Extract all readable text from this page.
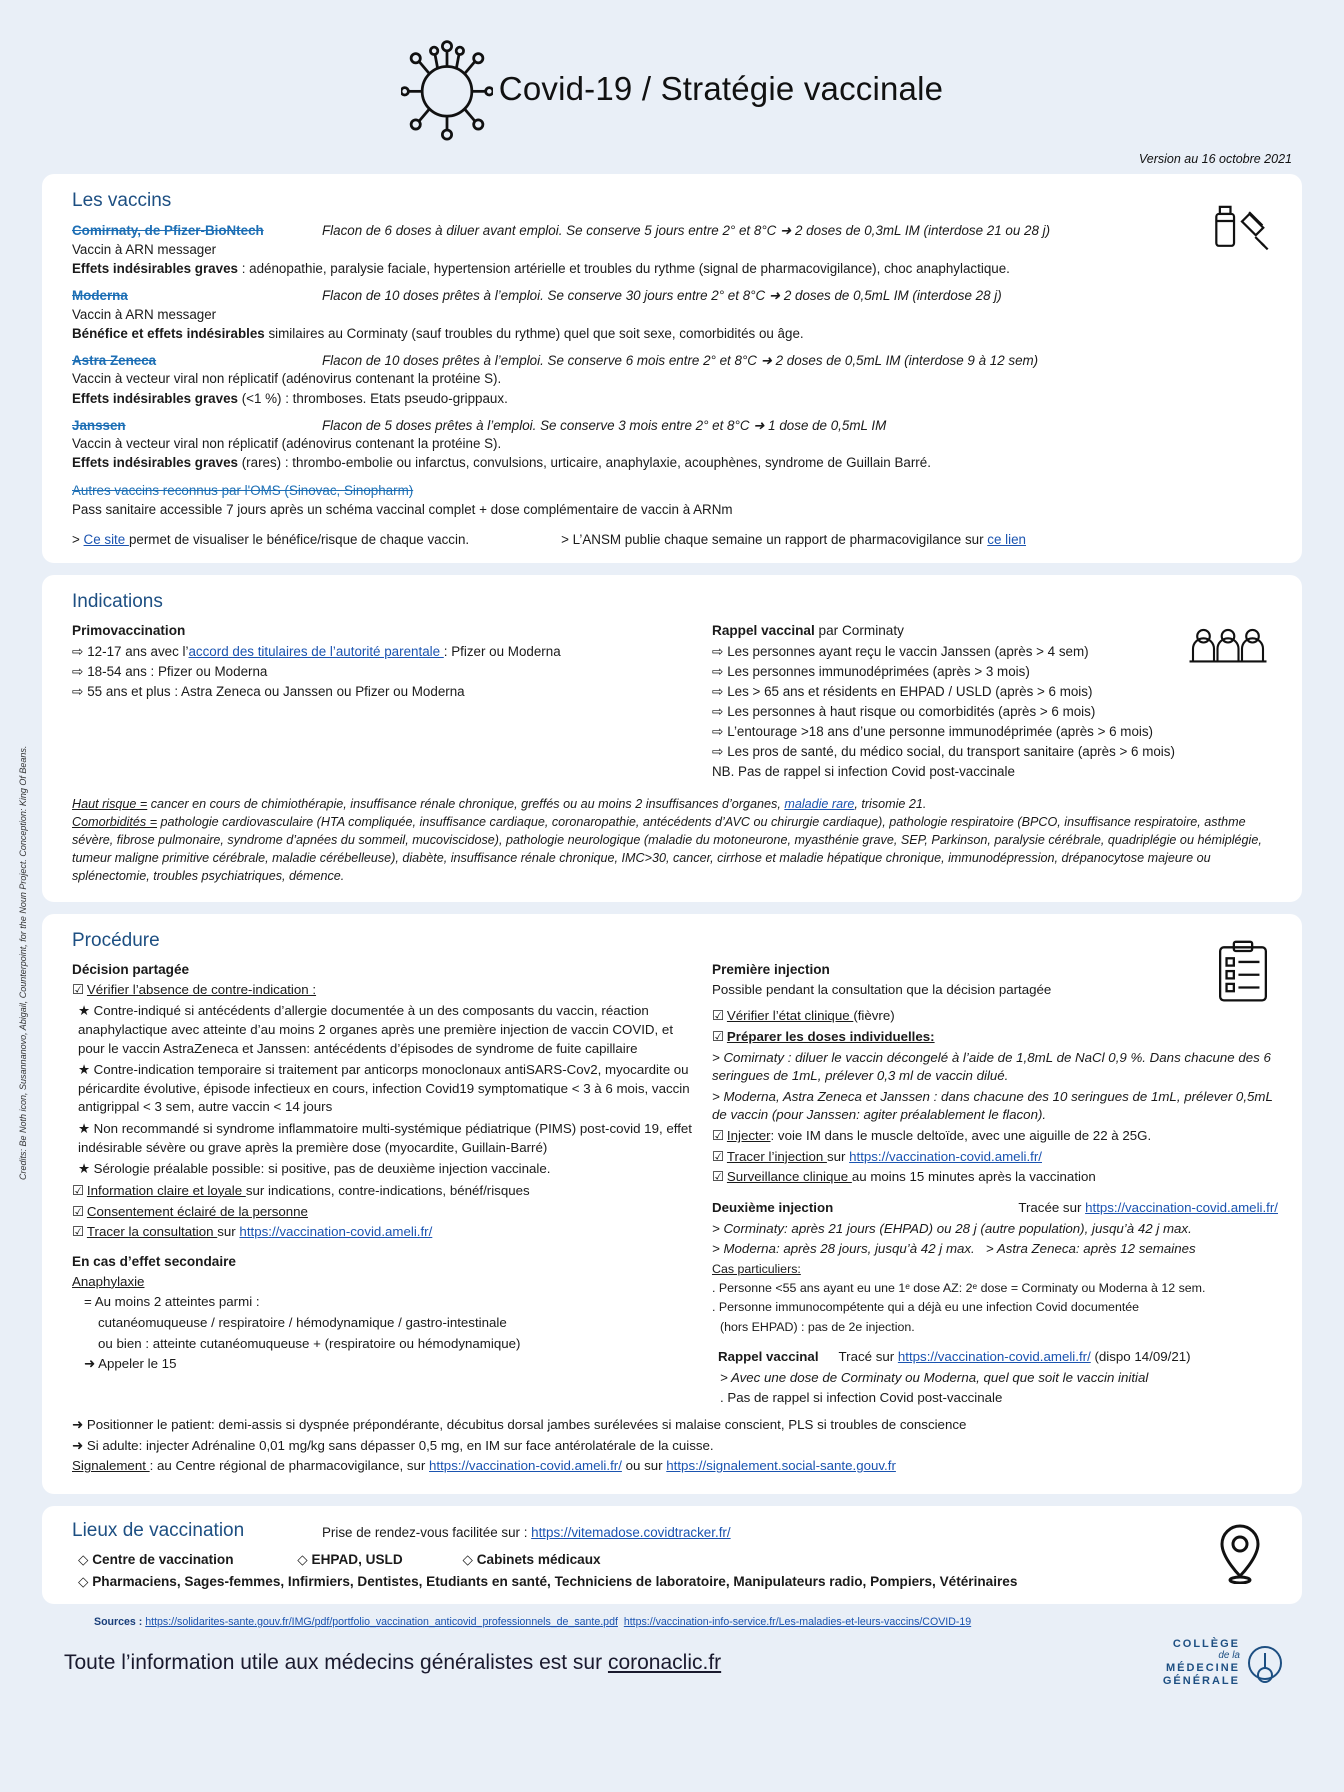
Covid-19 / Stratégie vaccinale
Version au 16 octobre 2021
Les vaccins
Comirnaty, de Pfizer-BioNtech	Flacon de 6 doses à diluer avant emploi. Se conserve 5 jours entre 2° et 8°C ➜ 2 doses de 0,3mL IM (interdose 21 ou 28 j)
Vaccin à ARN messager
Effets indésirables graves : adénopathie, paralysie faciale, hypertension artérielle et troubles du rythme (signal de pharmacovigilance), choc anaphylactique.
Moderna	Flacon de 10 doses prêtes à l’emploi. Se conserve 30 jours entre 2° et 8°C ➜ 2 doses de 0,5mL IM (interdose 28 j)
Vaccin à ARN messager
Bénéfice et effets indésirables similaires au Corminaty (sauf troubles du rythme) quel que soit sexe, comorbidités ou âge.
Astra Zeneca	Flacon de 10 doses prêtes à l’emploi. Se conserve 6 mois entre 2° et 8°C ➜ 2 doses de 0,5mL IM (interdose 9 à 12 sem)
Vaccin à vecteur viral non réplicatif (adénovirus contenant la protéine S).
Effets indésirables graves (<1 %) : thromboses. Etats pseudo-grippaux.
Janssen	Flacon de 5 doses prêtes à l’emploi. Se conserve 3 mois entre 2° et 8°C ➜ 1 dose de 0,5mL IM
Vaccin à vecteur viral non réplicatif (adénovirus contenant la protéine S).
Effets indésirables graves (rares) : thrombo-embolie ou infarctus, convulsions, urticaire, anaphylaxie, acouphènes, syndrome de Guillain Barré.
Autres vaccins reconnus par l'OMS (Sinovac, Sinopharm)
Pass sanitaire accessible 7 jours après un schéma vaccinal complet + dose complémentaire de vaccin à ARNm
> Ce site permet de visualiser le bénéfice/risque de chaque vaccin.	> L’ANSM publie chaque semaine un rapport de pharmacovigilance sur ce lien
Indications
Primovaccination
⇨ 12-17 ans avec l’accord des titulaires de l’autorité parentale : Pfizer ou Moderna
⇨ 18-54 ans : Pfizer ou Moderna
⇨ 55 ans et plus : Astra Zeneca ou Janssen ou Pfizer ou Moderna
Rappel vaccinal par Corminaty
⇨ Les personnes ayant reçu le vaccin Janssen (après > 4 sem)
⇨ Les personnes immunodéprimées (après > 3 mois)
⇨ Les > 65 ans et résidents en EHPAD / USLD (après > 6 mois)
⇨ Les personnes à haut risque ou comorbidités (après > 6 mois)
⇨ L’entourage >18 ans d’une personne immunodéprimée (après > 6 mois)
⇨ Les pros de santé, du médico social, du transport sanitaire (après > 6 mois)
NB. Pas de rappel si infection Covid post-vaccinale
Haut risque = cancer en cours de chimiothérapie, insuffisance rénale chronique, greffés ou au moins 2 insuffisances d’organes, maladie rare, trisomie 21.
Comorbidités = pathologie cardiovasculaire (HTA compliquée, insuffisance cardiaque, coronaropathie, antécédents d’AVC ou chirurgie cardiaque), pathologie respiratoire (BPCO, insuffisance respiratoire, asthme sévère, fibrose pulmonaire, syndrome d’apnées du sommeil, mucoviscidose), pathologie neurologique (maladie du motoneurone, myasthénie grave, SEP, Parkinson, paralysie cérébrale, quadriplégie ou hémiplégie, tumeur maligne primitive cérébrale, maladie cérébelleuse), diabète, insuffisance rénale chronique, IMC>30, cancer, cirrhose et maladie hépatique chronique, immunodépression, drépanocytose majeure ou splénectomie, troubles psychiatriques, démence.
Procédure
Décision partagée
☑ Vérifier l’absence de contre-indication :
★ Contre-indiqué si antécédents d’allergie documentée à un des composants du vaccin, réaction anaphylactique avec atteinte d’au moins 2 organes après une première injection de vaccin COVID, et pour le vaccin AstraZeneca et Janssen: antécédents d’épisodes de syndrome de fuite capillaire
★ Contre-indication temporaire si traitement par anticorps monoclonaux antiSARS-Cov2, myocardite ou péricardite évolutive, épisode infectieux en cours, infection Covid19 symptomatique < 3 à 6 mois, vaccin antigrippal < 3 sem, autre vaccin < 14 jours
★ Non recommandé si syndrome inflammatoire multi-systémique pédiatrique (PIMS) post-covid 19, effet indésirable sévère ou grave après la première dose (myocardite, Guillain-Barré)
★ Sérologie préalable possible: si positive, pas de deuxième injection vaccinale.
☑ Information claire et loyale sur indications, contre-indications, bénéf/risques
☑ Consentement éclairé de la personne
☑ Tracer la consultation sur https://vaccination-covid.ameli.fr/
En cas d’effet secondaire
Anaphylaxie
= Au moins 2 atteintes parmi :
cutanéomuqueuse / respiratoire / hémodynamique / gastro-intestinale
ou bien : atteinte cutanéomuqueuse + (respiratoire ou hémodynamique)
➜ Appeler le 15
Première injection
Possible pendant la consultation que la décision partagée
☑ Vérifier l’état clinique (fièvre)
☑ Préparer les doses individuelles:
> Comirnaty : diluer le vaccin décongelé à l’aide de 1,8mL de NaCl 0,9 %. Dans chacune des 6 seringues de 1mL, prélever 0,3 ml de vaccin dilué.
> Moderna, Astra Zeneca et Janssen : dans chacune des 10 seringues de 1mL, prélever 0,5mL de vaccin (pour Janssen: agiter préalablement le flacon).
☑ Injecter: voie IM dans le muscle deltoïde, avec une aiguille de 22 à 25G.
☑ Tracer l’injection sur https://vaccination-covid.ameli.fr/
☑ Surveillance clinique au moins 15 minutes après la vaccination
Deuxième injection	Tracée sur https://vaccination-covid.ameli.fr/
> Corminaty: après 21 jours (EHPAD) ou 28 j (autre population), jusqu’à 42 j max.
> Moderna: après 28 jours, jusqu’à 42 j max. > Astra Zeneca: après 12 semaines
Cas particuliers:
. Personne <55 ans ayant eu une 1ᵉ dose AZ: 2ᵉ dose = Corminaty ou Moderna à 12 sem.
. Personne immunocompétente qui a déjà eu une infection Covid documentée
(hors EHPAD) : pas de 2e injection.
Rappel vaccinal Tracé sur https://vaccination-covid.ameli.fr/ (dispo 14/09/21)
> Avec une dose de Corminaty ou Moderna, quel que soit le vaccin initial
. Pas de rappel si infection Covid post-vaccinale
➜ Positionner le patient: demi-assis si dyspnée prépondérante, décubitus dorsal jambes surélevées si malaise conscient, PLS si troubles de conscience
➜ Si adulte: injecter Adrénaline 0,01 mg/kg sans dépasser 0,5 mg, en IM sur face antérolatérale de la cuisse.
Signalement : au Centre régional de pharmacovigilance, sur https://vaccination-covid.ameli.fr/ ou sur https://signalement.social-sante.gouv.fr
Lieux de vaccination	Prise de rendez-vous facilitée sur : https://vitemadose.covidtracker.fr/
◇ Centre de vaccination	◇ EHPAD, USLD	◇ Cabinets médicaux
◇ Pharmaciens, Sages-femmes, Infirmiers, Dentistes, Etudiants en santé, Techniciens de laboratoire, Manipulateurs radio, Pompiers, Vétérinaires
Sources : https://solidarites-sante.gouv.fr/IMG/pdf/portfolio_vaccination_anticovid_professionnels_de_sante.pdf https://vaccination-info-service.fr/Les-maladies-et-leurs-vaccins/COVID-19
Toute l’information utile aux médecins généralistes est sur coronaclic.fr
COLLÈGE
de la
MÉDECINE
GÉNÉRALE
Credits: Be Noth icon, Susannanovo, Abigail, Counterpoint, for the Noun Project. Conception: King Of Beans.
